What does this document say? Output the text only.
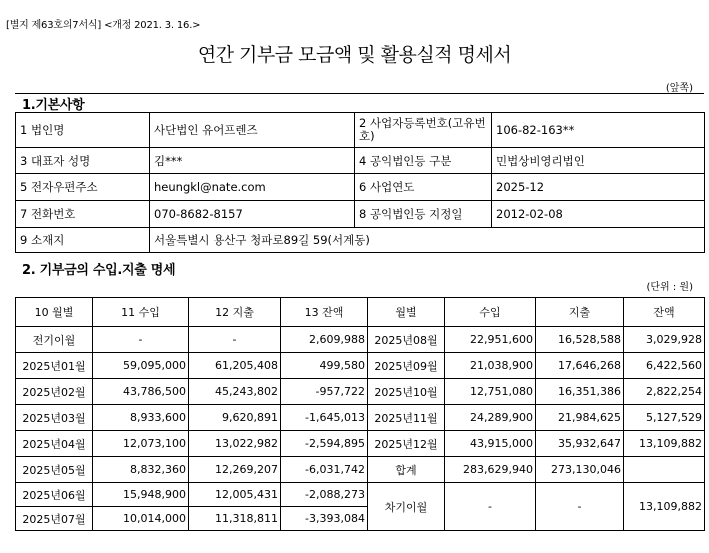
[별지 제63호의7서식] <개정 2021. 3. 16.>
연간 기부금 모금액 및 활용실적 명세서
(앞쪽)
1.기본사항
1 법인명	사단법인 유어프렌즈	2 사업자등록번호(고유번호)	106-82-163**
3 대표자 성명	김***	4 공익법인등 구분	민법상비영리법인
5 전자우편주소	heungkl@nate.com	6 사업연도	2025-12
7 전화번호	070-8682-8157	8 공익법인등 지정일	2012-02-08
9 소재지	서울특별시 용산구 청파로89길 59(서계동)		
2. 기부금의 수입.지출 명세
(단위 : 원)
10 월별	11 수입	12 지출	13 잔액	월별	수입	지출	잔액
전기이월	-	-	2,609,988	2025년08월	22,951,600	16,528,588	3,029,928
2025년01월	59,095,000	61,205,408	499,580	2025년09월	21,038,900	17,646,268	6,422,560
2025년02월	43,786,500	45,243,802	-957,722	2025년10월	12,751,080	16,351,386	2,822,254
2025년03월	8,933,600	9,620,891	-1,645,013	2025년11월	24,289,900	21,984,625	5,127,529
2025년04월	12,073,100	13,022,982	-2,594,895	2025년12월	43,915,000	35,932,647	13,109,882
2025년05월	8,832,360	12,269,207	-6,031,742	합계	283,629,940	273,130,046	
2025년06월	15,948,900	12,005,431	-2,088,273	차기이월	-	-	13,109,882
2025년07월	10,014,000	11,318,811	-3,393,084				
